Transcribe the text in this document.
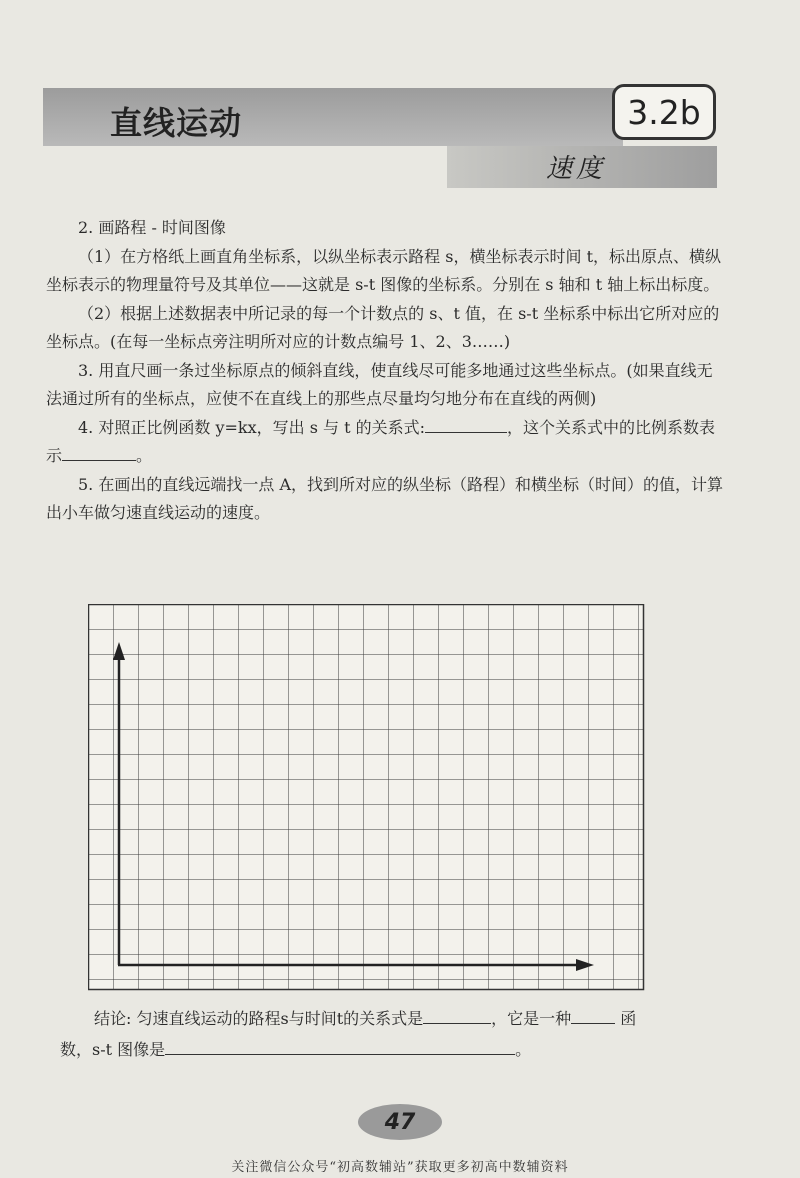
直线运动	3.2b
速度

2. 画路程 - 时间图像

（1）在方格纸上画直角坐标系，以纵坐标表示路程 s，横坐标表示时间 t，标出原点、横纵坐标表示的物理量符号及其单位——这就是 s-t 图像的坐标系。分别在 s 轴和 t 轴上标出标度。

（2）根据上述数据表中所记录的每一个计数点的 s、t 值，在 s-t 坐标系中标出它所对应的坐标点。(在每一坐标点旁注明所对应的计数点编号 1、2、3……)

3. 用直尺画一条过坐标原点的倾斜直线，使直线尽可能多地通过这些坐标点。(如果直线无法通过所有的坐标点，应使不在直线上的那些点尽量均匀地分布在直线的两侧)

4. 对照正比例函数 y=kx，写出 s 与 t 的关系式:	，这个关系式中的比例系数表示	。

5. 在画出的直线远端找一点 A，找到所对应的纵坐标（路程）和横坐标（时间）的值，计算出小车做匀速直线运动的速度。

结论: 匀速直线运动的路程s与时间t的关系式是	，它是一种	函

数，s-t 图像是	。

47
关注微信公众号“初高数辅站”获取更多初高中数辅资料
